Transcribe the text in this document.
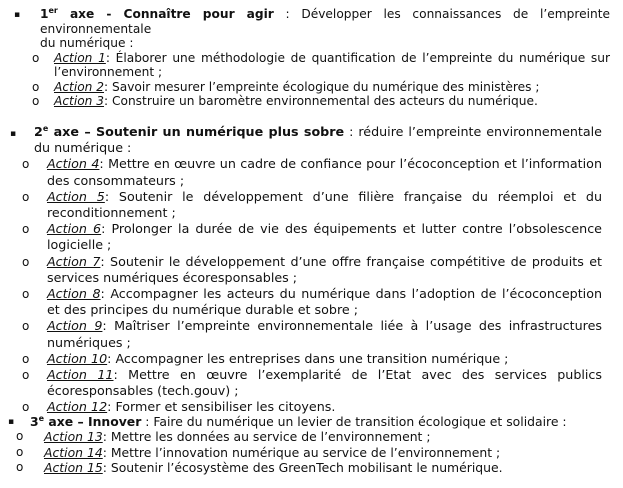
▪	1er axe - Connaître pour agir : Développer les connaissances de l’empreinte environnementale
du numérique :
o Action 1: Élaborer une méthodologie de quantification de l’empreinte du numérique sur l’environnement ;
o Action 2: Savoir mesurer l’empreinte écologique du numérique des ministères ;
o Action 3: Construire un baromètre environnemental des acteurs du numérique.
▪	2e axe – Soutenir un numérique plus sobre : réduire l’empreinte environnementale du numérique :
o Action 4: Mettre en œuvre un cadre de confiance pour l’écoconception et l’information des consommateurs ;
o Action 5: Soutenir le développement d’une filière française du réemploi et du reconditionnement ;
o Action 6: Prolonger la durée de vie des équipements et lutter contre l’obsolescence logicielle ;
o Action 7: Soutenir le développement d’une offre française compétitive de produits et services numériques écoresponsables ;
o Action 8: Accompagner les acteurs du numérique dans l’adoption de l’écoconception et des principes du numérique durable et sobre ;
o Action 9: Maîtriser l’empreinte environnementale liée à l’usage des infrastructures numériques ;
o Action 10: Accompagner les entreprises dans une transition numérique ;
o Action 11: Mettre en œuvre l’exemplarité de l’Etat avec des services publics écoresponsables (tech.gouv) ;
o Action 12: Former et sensibiliser les citoyens.
▪	3e axe – Innover : Faire du numérique un levier de transition écologique et solidaire :
o Action 13: Mettre les données au service de l’environnement ;
o Action 14: Mettre l’innovation numérique au service de l’environnement ;
o Action 15: Soutenir l’écosystème des GreenTech mobilisant le numérique.
